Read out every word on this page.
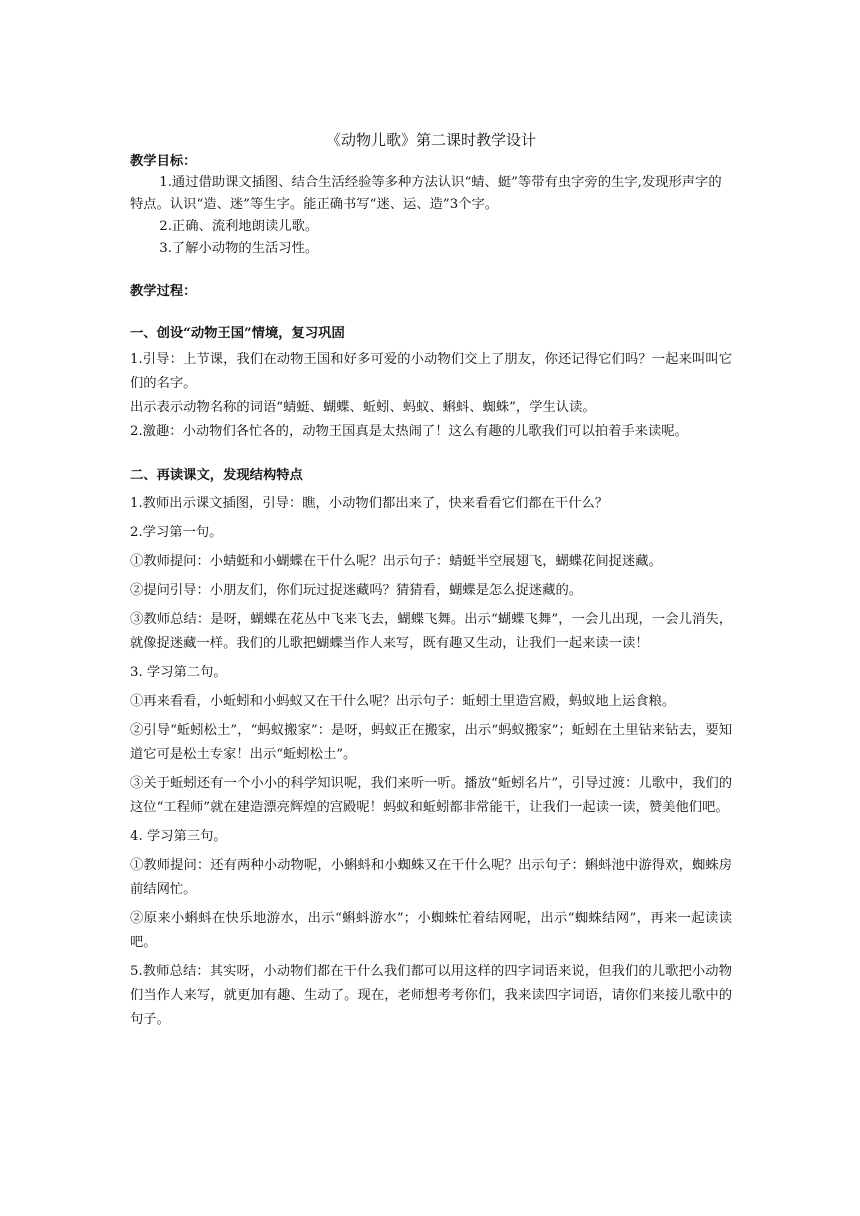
《动物儿歌》第二课时教学设计

教学目标：

1.通过借助课文插图、结合生活经验等多种方法认识“蜻、蜓”等带有虫字旁的生字,发现形声字的特点。认识“造、迷”等生字。能正确书写“迷、运、造”3个字。

2.正确、流利地朗读儿歌。

3.了解小动物的生活习性。

教学过程：

一、创设“动物王国”情境，复习巩固

1.引导：上节课，我们在动物王国和好多可爱的小动物们交上了朋友，你还记得它们吗？一起来叫叫它们的名字。

出示表示动物名称的词语“蜻蜓、蝴蝶、蚯蚓、蚂蚁、蝌蚪、蜘蛛”，学生认读。

2.激趣：小动物们各忙各的，动物王国真是太热闹了！这么有趣的儿歌我们可以拍着手来读呢。

二、再读课文，发现结构特点

1.教师出示课文插图，引导：瞧，小动物们都出来了，快来看看它们都在干什么？

2.学习第一句。

①教师提问：小蜻蜓和小蝴蝶在干什么呢？出示句子：蜻蜓半空展翅飞，蝴蝶花间捉迷藏。

②提问引导：小朋友们，你们玩过捉迷藏吗？猜猜看，蝴蝶是怎么捉迷藏的。

③教师总结：是呀，蝴蝶在花丛中飞来飞去，蝴蝶飞舞。出示“蝴蝶飞舞”，一会儿出现，一会儿消失，就像捉迷藏一样。我们的儿歌把蝴蝶当作人来写，既有趣又生动，让我们一起来读一读！

3. 学习第二句。

①再来看看，小蚯蚓和小蚂蚁又在干什么呢？出示句子：蚯蚓土里造宫殿，蚂蚁地上运食粮。

②引导“蚯蚓松土”，“蚂蚁搬家”：是呀，蚂蚁正在搬家，出示“蚂蚁搬家”；蚯蚓在土里钻来钻去，要知道它可是松土专家！出示“蚯蚓松土”。

③关于蚯蚓还有一个小小的科学知识呢，我们来听一听。播放“蚯蚓名片”，引导过渡：儿歌中，我们的这位“工程师”就在建造漂亮辉煌的宫殿呢！蚂蚁和蚯蚓都非常能干，让我们一起读一读，赞美他们吧。

4. 学习第三句。

①教师提问：还有两种小动物呢，小蝌蚪和小蜘蛛又在干什么呢？出示句子：蝌蚪池中游得欢，蜘蛛房前结网忙。

②原来小蝌蚪在快乐地游水，出示“蝌蚪游水”；小蜘蛛忙着结网呢，出示“蜘蛛结网”，再来一起读读吧。

5.教师总结：其实呀，小动物们都在干什么我们都可以用这样的四字词语来说，但我们的儿歌把小动物们当作人来写，就更加有趣、生动了。现在，老师想考考你们，我来读四字词语，请你们来接儿歌中的句子。
